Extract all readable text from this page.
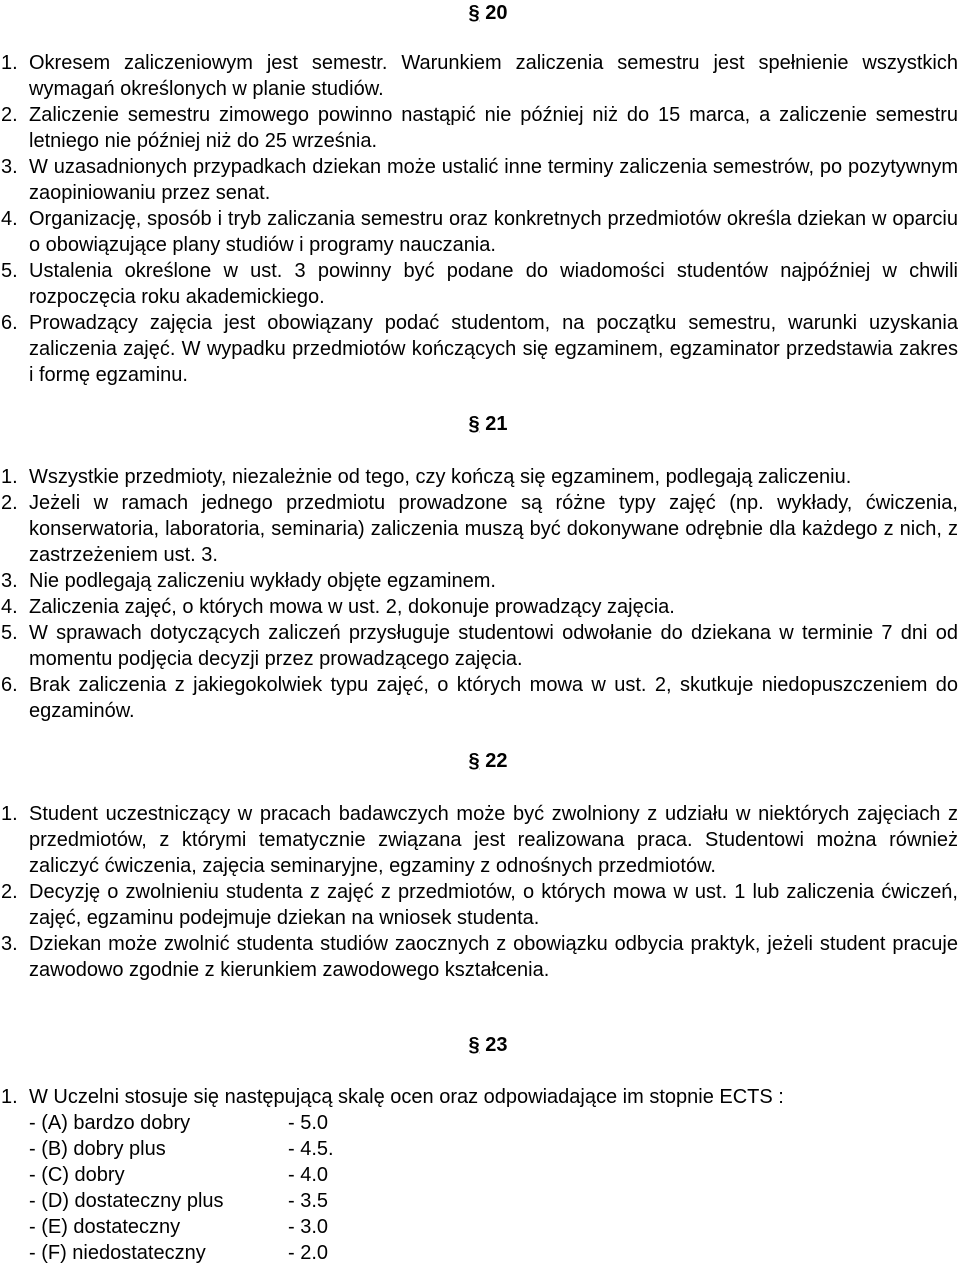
§ 20
1. Okresem zaliczeniowym jest semestr. Warunkiem zaliczenia semestru jest spełnienie wszystkich wymagań określonych w planie studiów.
2. Zaliczenie semestru zimowego powinno nastąpić nie później niż do 15 marca, a zaliczenie semestru letniego nie później niż do 25 września.
3. W uzasadnionych przypadkach dziekan może ustalić inne terminy zaliczenia semestrów, po pozytywnym zaopiniowaniu przez senat.
4. Organizację, sposób i tryb zaliczania semestru oraz konkretnych przedmiotów określa dziekan w oparciu o obowiązujące plany studiów i programy nauczania.
5. Ustalenia określone w ust. 3 powinny być podane do wiadomości studentów najpóźniej w chwili rozpoczęcia roku akademickiego.
6. Prowadzący zajęcia jest obowiązany podać studentom, na początku semestru, warunki uzyskania zaliczenia zajęć. W wypadku przedmiotów kończących się egzaminem, egzaminator przedstawia zakres i formę egzaminu.
§ 21
1. Wszystkie przedmioty, niezależnie od tego, czy kończą się egzaminem, podlegają zaliczeniu.
2. Jeżeli w ramach jednego przedmiotu prowadzone są różne typy zajęć (np. wykłady, ćwiczenia, konserwatoria, laboratoria, seminaria) zaliczenia muszą być dokonywane odrębnie dla każdego z nich, z zastrzeżeniem ust. 3.
3. Nie podlegają zaliczeniu wykłady objęte egzaminem.
4. Zaliczenia zajęć, o których mowa w ust. 2, dokonuje prowadzący zajęcia.
5. W sprawach dotyczących zaliczeń przysługuje studentowi odwołanie do dziekana w terminie 7 dni od momentu podjęcia decyzji przez prowadzącego zajęcia.
6. Brak zaliczenia z jakiegokolwiek typu zajęć, o których mowa w ust. 2, skutkuje niedopuszczeniem do egzaminów.
§ 22
1. Student uczestniczący w pracach badawczych może być zwolniony z udziału w niektórych zajęciach z przedmiotów, z którymi tematycznie związana jest realizowana praca. Studentowi można również zaliczyć ćwiczenia, zajęcia seminaryjne, egzaminy z odnośnych przedmiotów.
2. Decyzję o zwolnieniu studenta z zajęć z przedmiotów, o których mowa w ust. 1 lub zaliczenia ćwiczeń, zajęć, egzaminu podejmuje dziekan na wniosek studenta.
3. Dziekan może zwolnić studenta studiów zaocznych z obowiązku odbycia praktyk, jeżeli student pracuje zawodowo zgodnie z kierunkiem zawodowego kształcenia.
§ 23
1. W Uczelni stosuje się następującą skalę ocen oraz odpowiadające im stopnie ECTS :
- (A) bardzo dobry	- 5.0
- (B) dobry plus	- 4.5.
- (C) dobry	- 4.0
- (D) dostateczny plus	- 3.5
- (E) dostateczny	- 3.0
- (F) niedostateczny	- 2.0
